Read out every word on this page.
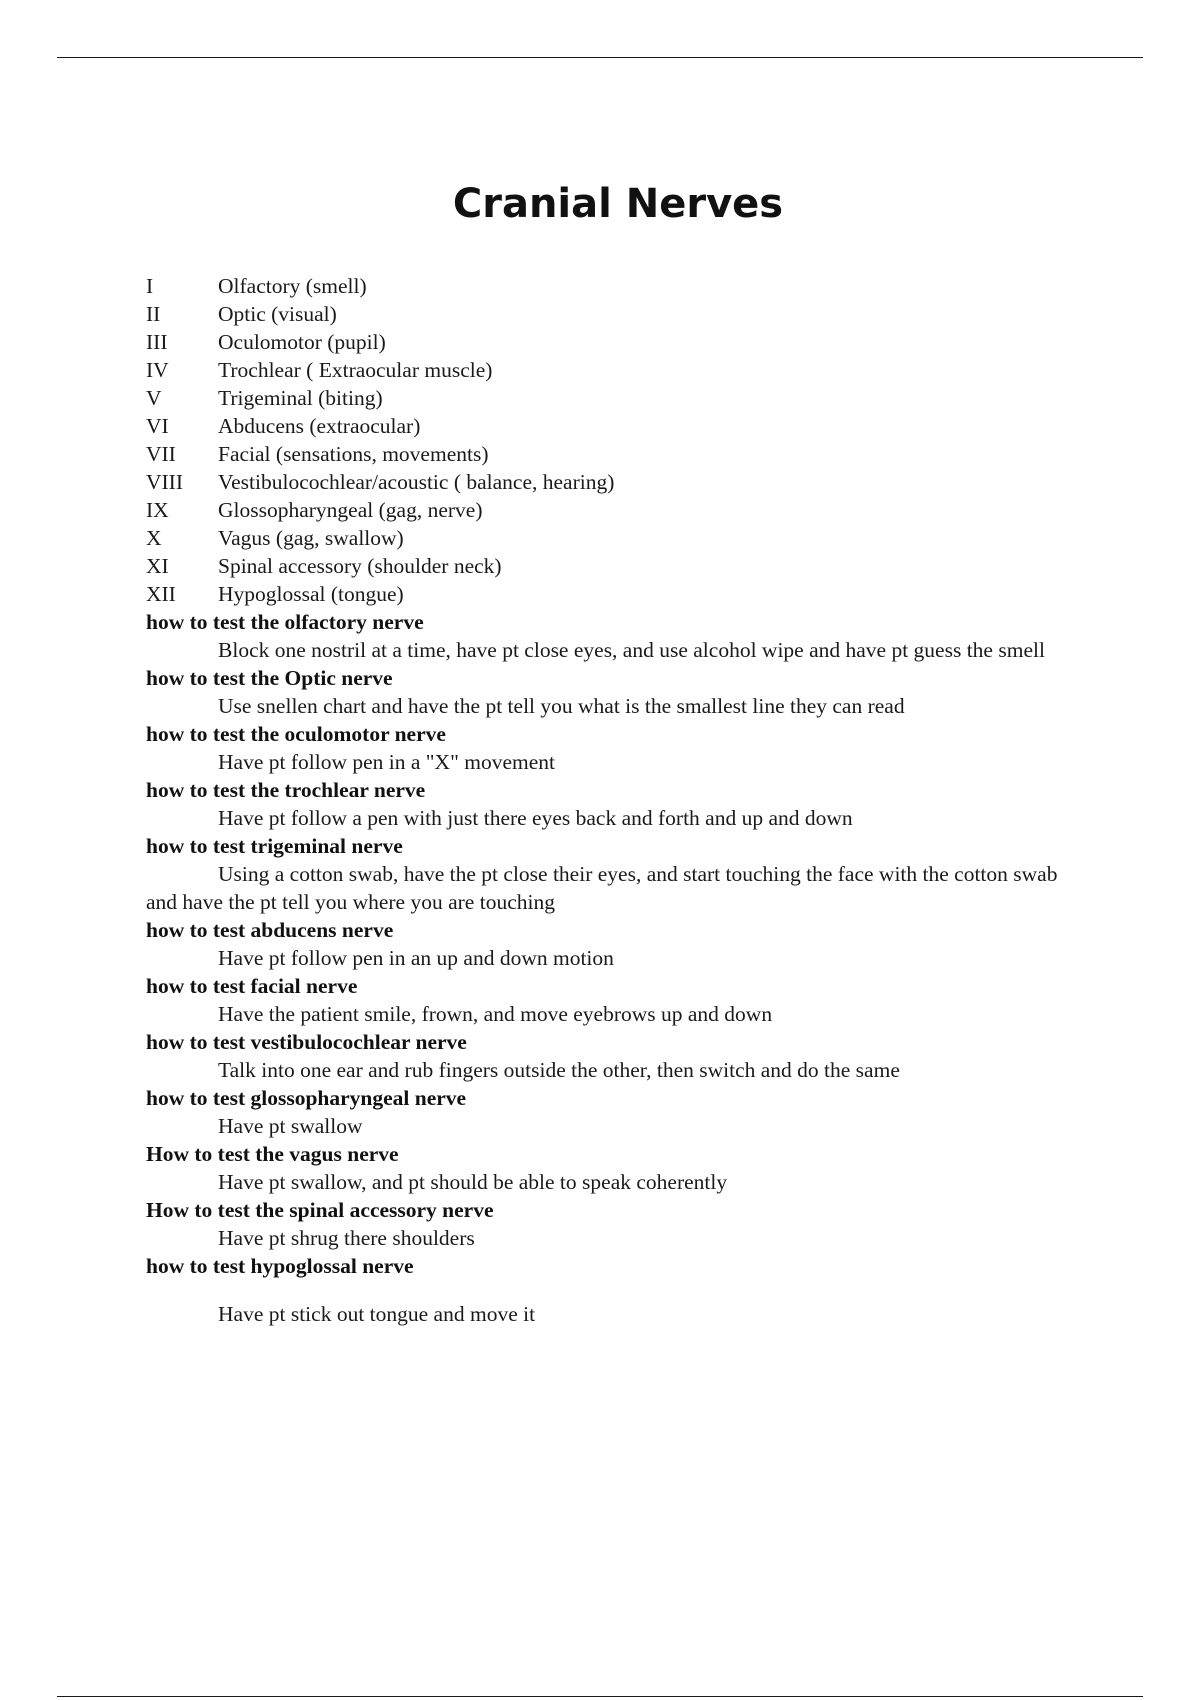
Cranial Nerves
I	Olfactory (smell)
II	Optic (visual)
III	Oculomotor (pupil)
IV	Trochlear ( Extraocular muscle)
V	Trigeminal (biting)
VI	Abducens (extraocular)
VII	Facial (sensations, movements)
VIII	Vestibulocochlear/acoustic ( balance, hearing)
IX	Glossopharyngeal (gag, nerve)
X	Vagus (gag, swallow)
XI	Spinal accessory (shoulder neck)
XII	Hypoglossal (tongue)
how to test the olfactory nerve
Block one nostril at a time, have pt close eyes, and use alcohol wipe and have pt guess the smell
how to test the Optic nerve
Use snellen chart and have the pt tell you what is the smallest line they can read
how to test the oculomotor nerve
Have pt follow pen in a "X" movement
how to test the trochlear nerve
Have pt follow a pen with just there eyes back and forth and up and down
how to test trigeminal nerve
Using a cotton swab, have the pt close their eyes, and start touching the face with the cotton swab and have the pt tell you where you are touching
how to test abducens nerve
Have pt follow pen in an up and down motion
how to test facial nerve
Have the patient smile, frown, and move eyebrows up and down
how to test vestibulocochlear nerve
Talk into one ear and rub fingers outside the other, then switch and do the same
how to test glossopharyngeal nerve
Have pt swallow
How to test the vagus nerve
Have pt swallow, and pt should be able to speak coherently
How to test the spinal accessory nerve
Have pt shrug there shoulders
how to test hypoglossal nerve
Have pt stick out tongue and move it
